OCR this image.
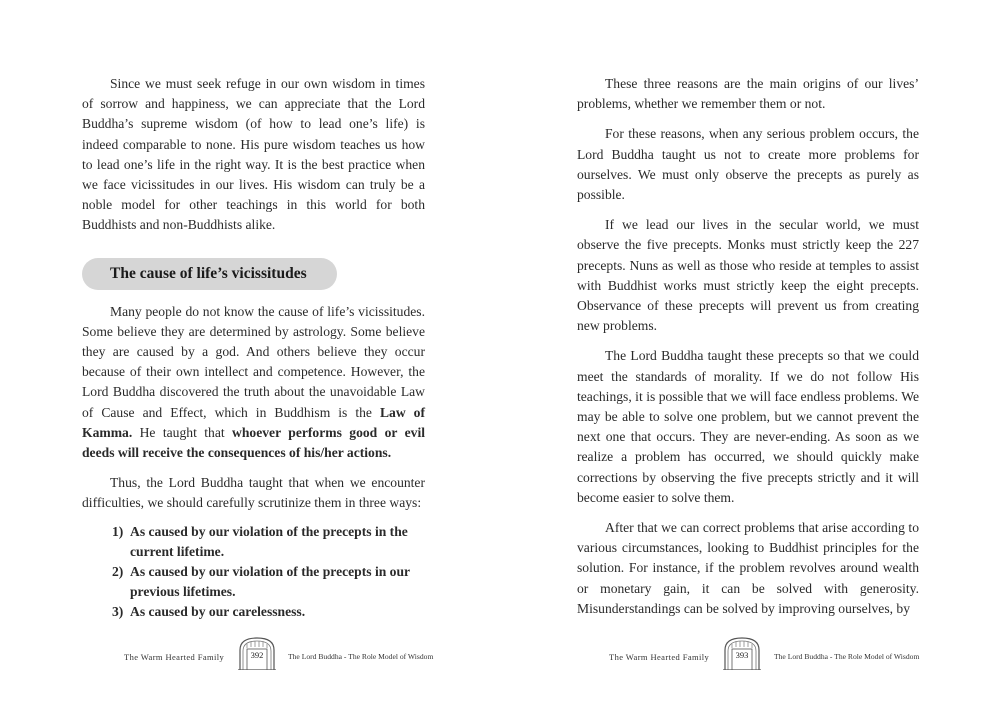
Since we must seek refuge in our own wisdom in times of sorrow and happiness, we can appreciate that the Lord Buddha’s supreme wisdom (of how to lead one’s life) is indeed comparable to none. His pure wisdom teaches us how to lead one’s life in the right way. It is the best practice when we face vicissitudes in our lives. His wisdom can truly be a noble model for other teachings in this world for both Buddhists and non-Buddhists alike.

The cause of life’s vicissitudes

Many people do not know the cause of life’s vicissitudes. Some believe they are determined by astrology. Some believe they are caused by a god. And others believe they occur because of their own intellect and competence. However, the Lord Buddha discovered the truth about the unavoidable Law of Cause and Effect, which in Buddhism is the Law of Kamma. He taught that whoever performs good or evil deeds will receive the consequences of his/her actions.

Thus, the Lord Buddha taught that when we encounter difficulties, we should carefully scrutinize them in three ways:

1) As caused by our violation of the precepts in the current lifetime.
2) As caused by our violation of the precepts in our previous lifetimes.
3) As caused by our carelessness.
The Warm Hearted Family	392	The Lord Buddha - The Role Model of Wisdom

These three reasons are the main origins of our lives’ problems, whether we remember them or not.

For these reasons, when any serious problem occurs, the Lord Buddha taught us not to create more problems for ourselves. We must only observe the precepts as purely as possible.

If we lead our lives in the secular world, we must observe the five precepts. Monks must strictly keep the 227 precepts. Nuns as well as those who reside at temples to assist with Buddhist works must strictly keep the eight precepts. Observance of these precepts will prevent us from creating new problems.

The Lord Buddha taught these precepts so that we could meet the standards of morality. If we do not follow His teachings, it is possible that we will face endless problems. We may be able to solve one problem, but we cannot prevent the next one that occurs. They are never-ending. As soon as we realize a problem has occurred, we should quickly make corrections by observing the five precepts strictly and it will become easier to solve them.

After that we can correct problems that arise according to various circumstances, looking to Buddhist principles for the solution. For instance, if the problem revolves around wealth or monetary gain, it can be solved with generosity. Misunderstandings can be solved by improving ourselves, by

The Warm Hearted Family	393	The Lord Buddha - The Role Model of Wisdom
